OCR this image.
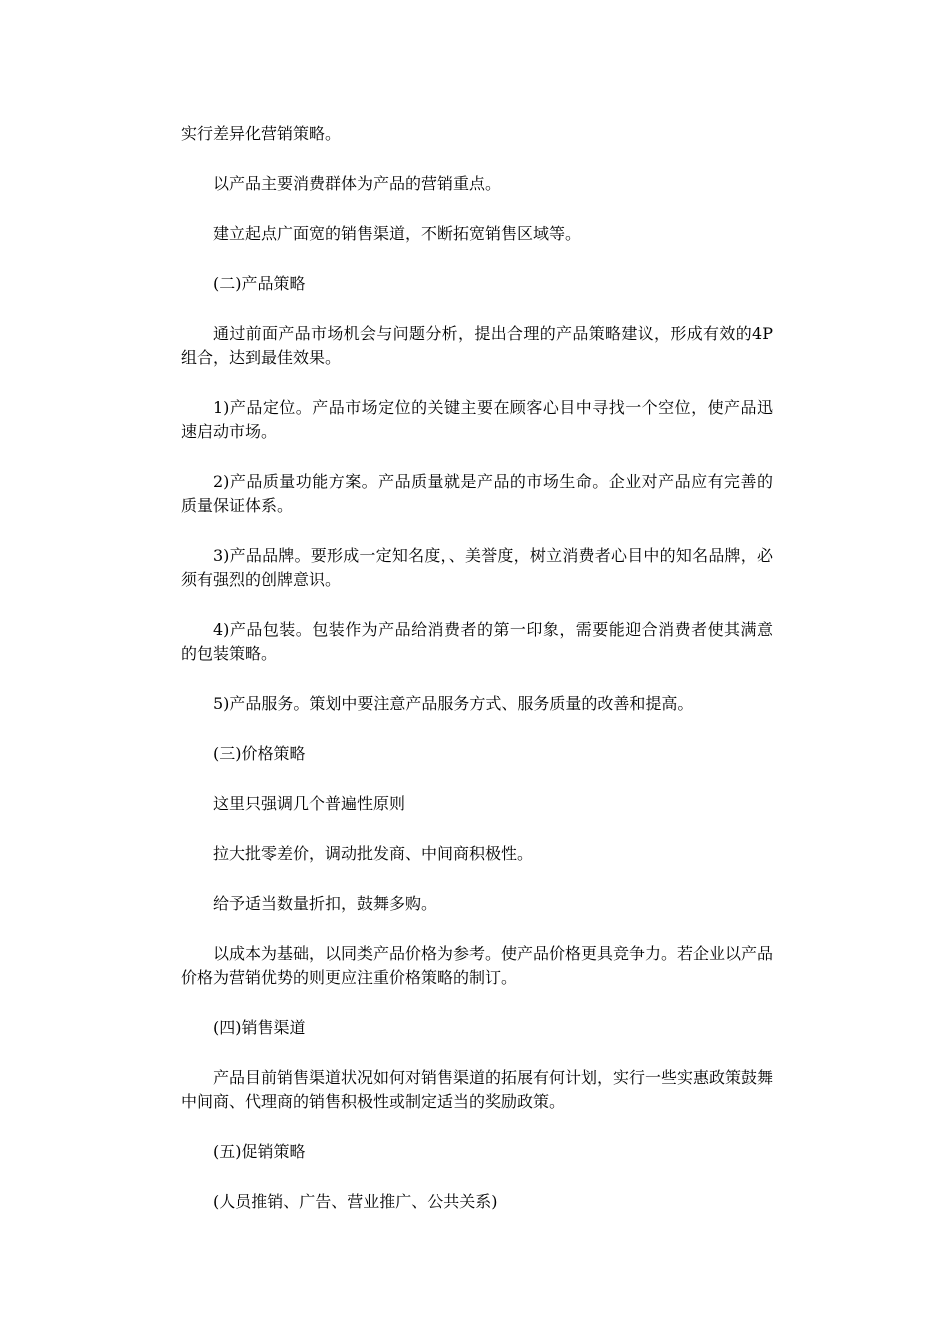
实行差异化营销策略。

以产品主要消费群体为产品的营销重点。

建立起点广面宽的销售渠道，不断拓宽销售区域等。

(二)产品策略

通过前面产品市场机会与问题分析，提出合理的产品策略建议，形成有效的4P组合，达到最佳效果。

1)产品定位。产品市场定位的关键主要在顾客心目中寻找一个空位，使产品迅速启动市场。

2)产品质量功能方案。产品质量就是产品的市场生命。企业对产品应有完善的质量保证体系。

3)产品品牌。要形成一定知名度，、美誉度，树立消费者心目中的知名品牌，必须有强烈的创牌意识。

4)产品包装。包装作为产品给消费者的第一印象，需要能迎合消费者使其满意的包装策略。

5)产品服务。策划中要注意产品服务方式、服务质量的改善和提高。

(三)价格策略

这里只强调几个普遍性原则

拉大批零差价，调动批发商、中间商积极性。

给予适当数量折扣，鼓舞多购。

以成本为基础，以同类产品价格为参考。使产品价格更具竞争力。若企业以产品价格为营销优势的则更应注重价格策略的制订。

(四)销售渠道

产品目前销售渠道状况如何对销售渠道的拓展有何计划，实行一些实惠政策鼓舞中间商、代理商的销售积极性或制定适当的奖励政策。

(五)促销策略

(人员推销、广告、营业推广、公共关系)
